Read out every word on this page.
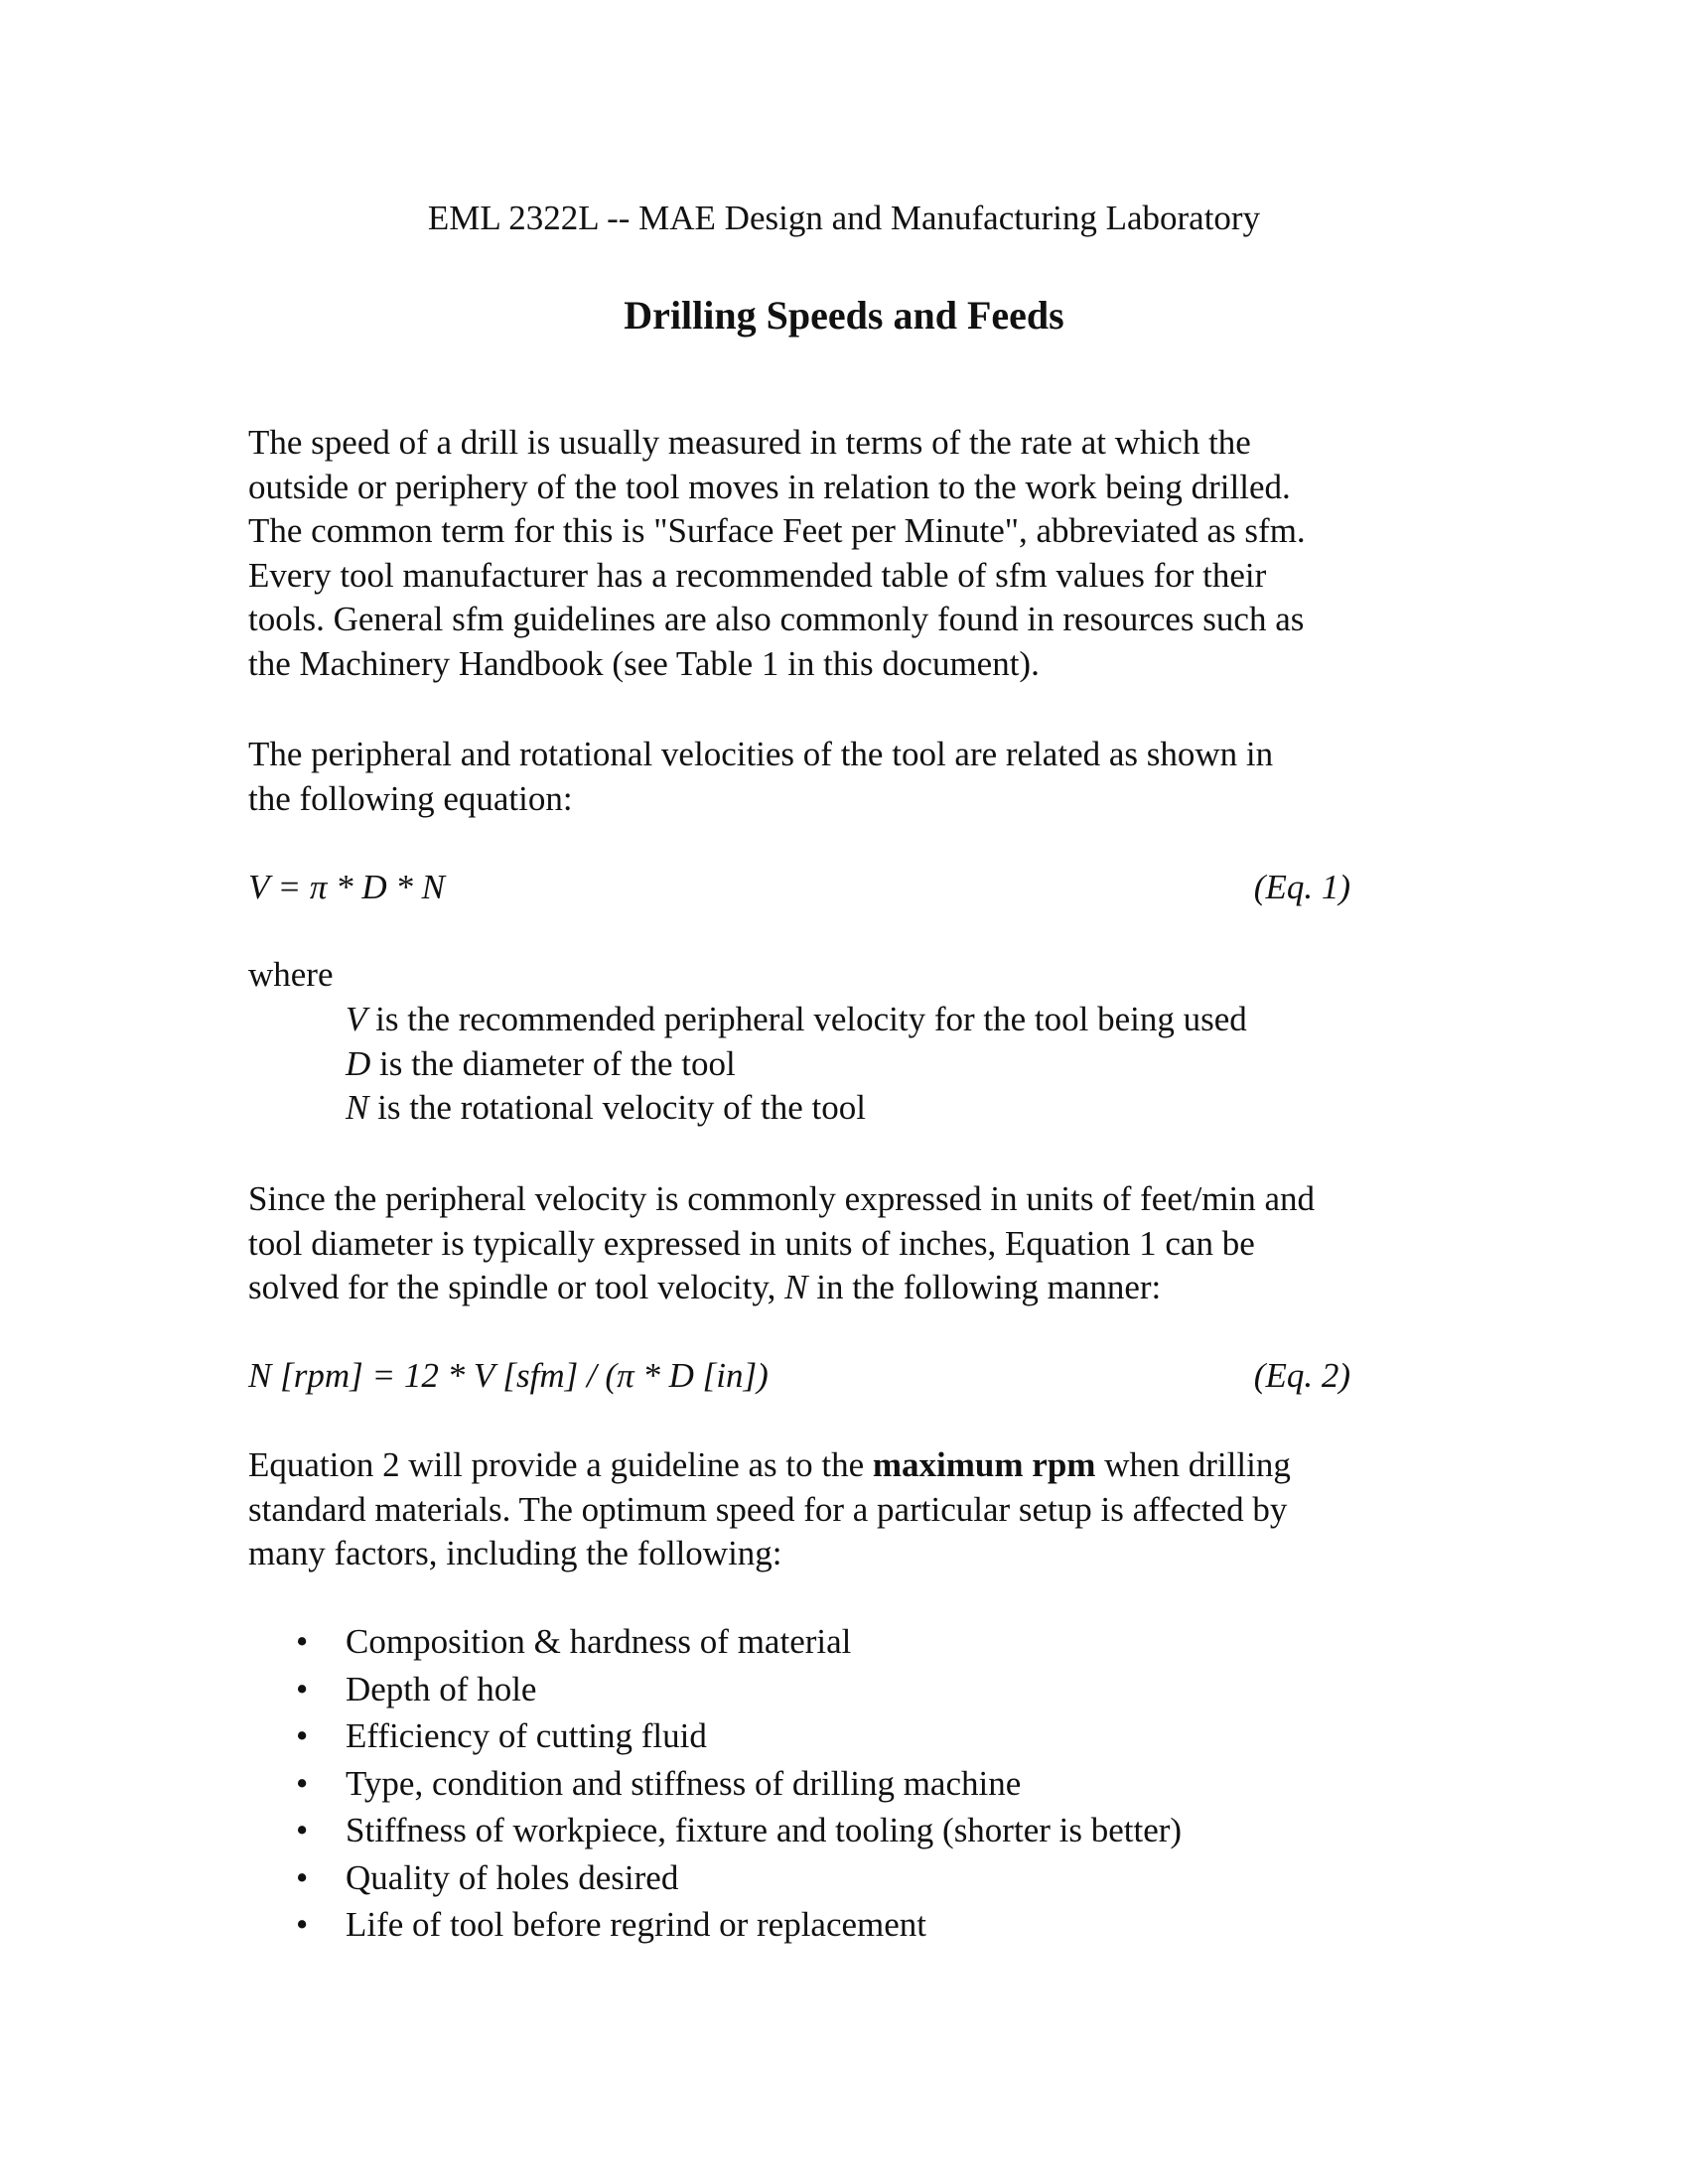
EML 2322L -- MAE Design and Manufacturing Laboratory
Drilling Speeds and Feeds

The speed of a drill is usually measured in terms of the rate at which the
outside or periphery of the tool moves in relation to the work being drilled.
The common term for this is "Surface Feet per Minute", abbreviated as sfm.
Every tool manufacturer has a recommended table of sfm values for their
tools. General sfm guidelines are also commonly found in resources such as
the Machinery Handbook (see Table 1 in this document).

The peripheral and rotational velocities of the tool are related as shown in
the following equation:

V = π * D * N	(Eq. 1)
where
V is the recommended peripheral velocity for the tool being used
D is the diameter of the tool
N is the rotational velocity of the tool

Since the peripheral velocity is commonly expressed in units of feet/min and
tool diameter is typically expressed in units of inches, Equation 1 can be
solved for the spindle or tool velocity, N in the following manner:

N [rpm] = 12 * V [sfm] / (π * D [in])	(Eq. 2)

Equation 2 will provide a guideline as to the maximum rpm when drilling
standard materials. The optimum speed for a particular setup is affected by
many factors, including the following:

• Composition & hardness of material
• Depth of hole
• Efficiency of cutting fluid
• Type, condition and stiffness of drilling machine
• Stiffness of workpiece, fixture and tooling (shorter is better)
• Quality of holes desired
• Life of tool before regrind or replacement
